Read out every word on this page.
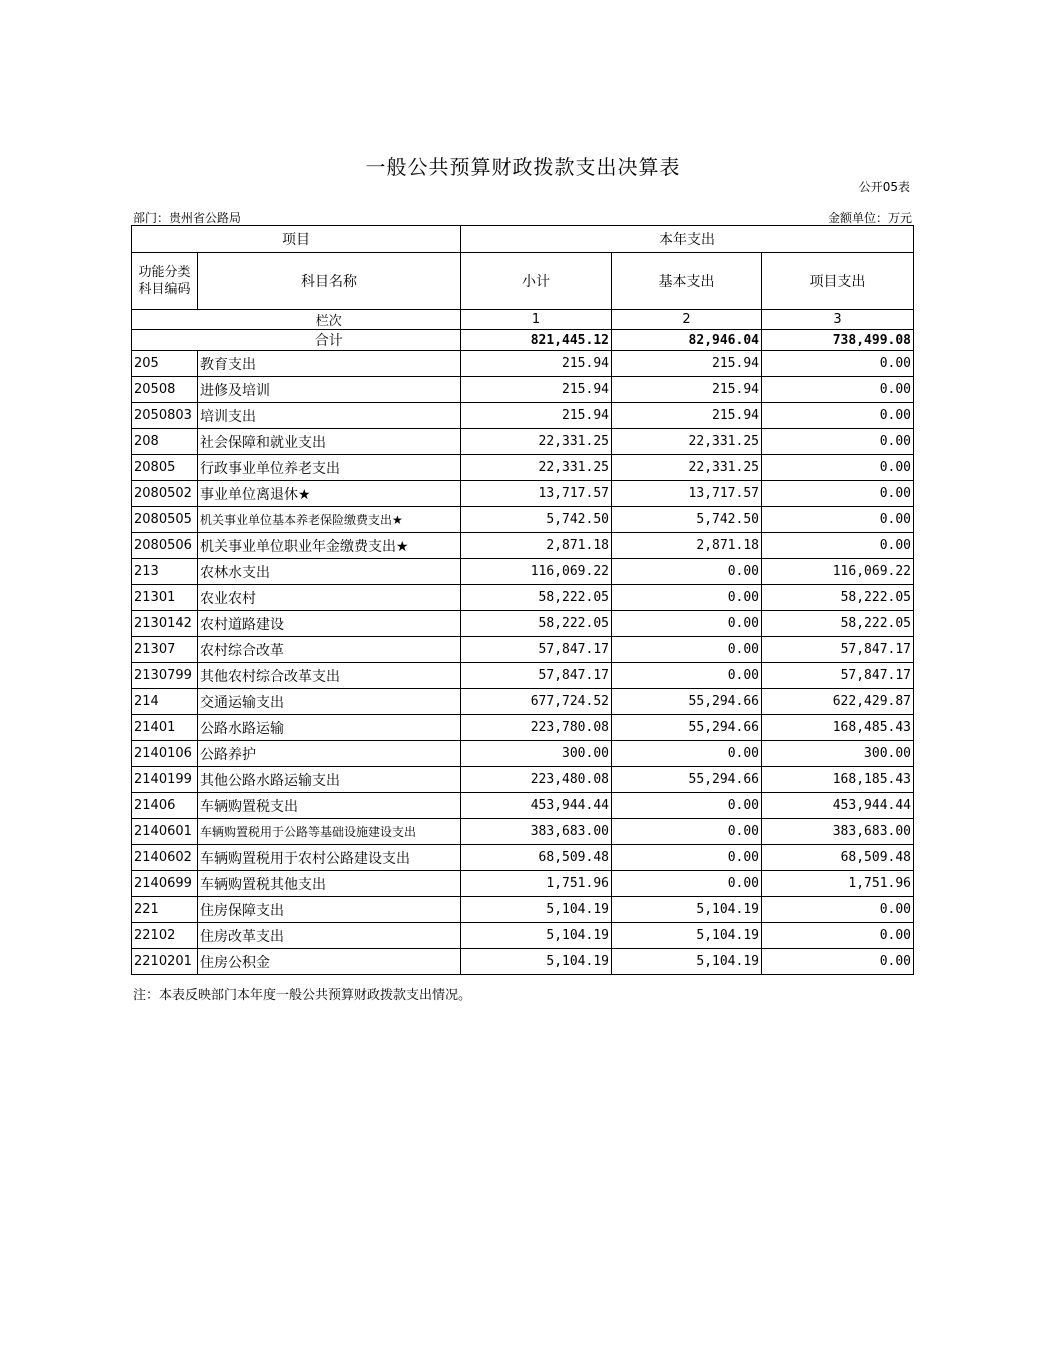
一般公共预算财政拨款支出决算表
公开05表
部门：贵州省公路局	金额单位：万元
项目		本年支出		
功能分类
科目编码	科目名称	小计	基本支出	项目支出
	栏次	1	2	3
	合计	821,445.12	82,946.04	738,499.08
205	教育支出	215.94	215.94	0.00
20508	进修及培训	215.94	215.94	0.00
2050803	培训支出	215.94	215.94	0.00
208	社会保障和就业支出	22,331.25	22,331.25	0.00
20805	行政事业单位养老支出	22,331.25	22,331.25	0.00
2080502	事业单位离退休★	13,717.57	13,717.57	0.00
2080505	机关事业单位基本养老保险缴费支出★	5,742.50	5,742.50	0.00
2080506	机关事业单位职业年金缴费支出★	2,871.18	2,871.18	0.00
213	农林水支出	116,069.22	0.00	116,069.22
21301	农业农村	58,222.05	0.00	58,222.05
2130142	农村道路建设	58,222.05	0.00	58,222.05
21307	农村综合改革	57,847.17	0.00	57,847.17
2130799	其他农村综合改革支出	57,847.17	0.00	57,847.17
214	交通运输支出	677,724.52	55,294.66	622,429.87
21401	公路水路运输	223,780.08	55,294.66	168,485.43
2140106	公路养护	300.00	0.00	300.00
2140199	其他公路水路运输支出	223,480.08	55,294.66	168,185.43
21406	车辆购置税支出	453,944.44	0.00	453,944.44
2140601	车辆购置税用于公路等基础设施建设支出	383,683.00	0.00	383,683.00
2140602	车辆购置税用于农村公路建设支出	68,509.48	0.00	68,509.48
2140699	车辆购置税其他支出	1,751.96	0.00	1,751.96
221	住房保障支出	5,104.19	5,104.19	0.00
22102	住房改革支出	5,104.19	5,104.19	0.00
2210201	住房公积金	5,104.19	5,104.19	0.00
注：本表反映部门本年度一般公共预算财政拨款支出情况。
